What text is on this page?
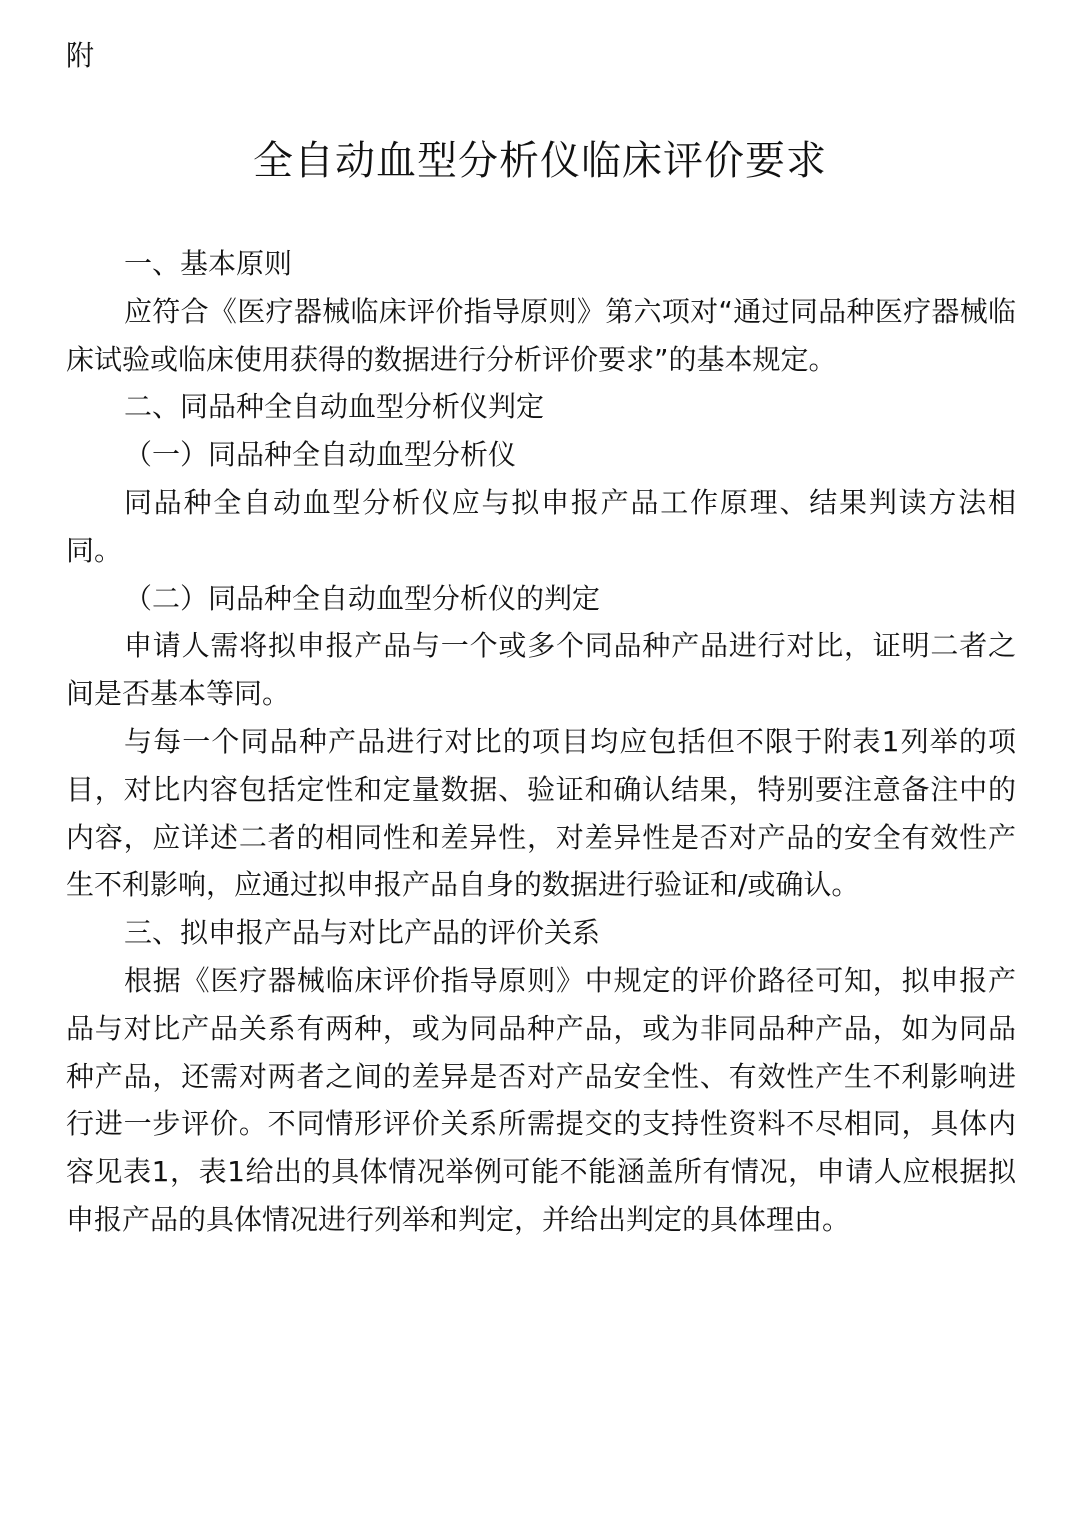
附
全自动血型分析仪临床评价要求

一、基本原则

应符合《医疗器械临床评价指导原则》第六项对“通过同品种医疗器械临床试验或临床使用获得的数据进行分析评价要求”的基本规定。

二、同品种全自动血型分析仪判定

（一）同品种全自动血型分析仪

同品种全自动血型分析仪应与拟申报产品工作原理、结果判读方法相同。

（二）同品种全自动血型分析仪的判定

申请人需将拟申报产品与一个或多个同品种产品进行对比，证明二者之间是否基本等同。

与每一个同品种产品进行对比的项目均应包括但不限于附表1列举的项目，对比内容包括定性和定量数据、验证和确认结果，特别要注意备注中的内容，应详述二者的相同性和差异性，对差异性是否对产品的安全有效性产生不利影响，应通过拟申报产品自身的数据进行验证和/或确认。

三、拟申报产品与对比产品的评价关系

根据《医疗器械临床评价指导原则》中规定的评价路径可知，拟申报产品与对比产品关系有两种，或为同品种产品，或为非同品种产品，如为同品种产品，还需对两者之间的差异是否对产品安全性、有效性产生不利影响进行进一步评价。不同情形评价关系所需提交的支持性资料不尽相同，具体内容见表1，表1给出的具体情况举例可能不能涵盖所有情况，申请人应根据拟申报产品的具体情况进行列举和判定，并给出判定的具体理由。
